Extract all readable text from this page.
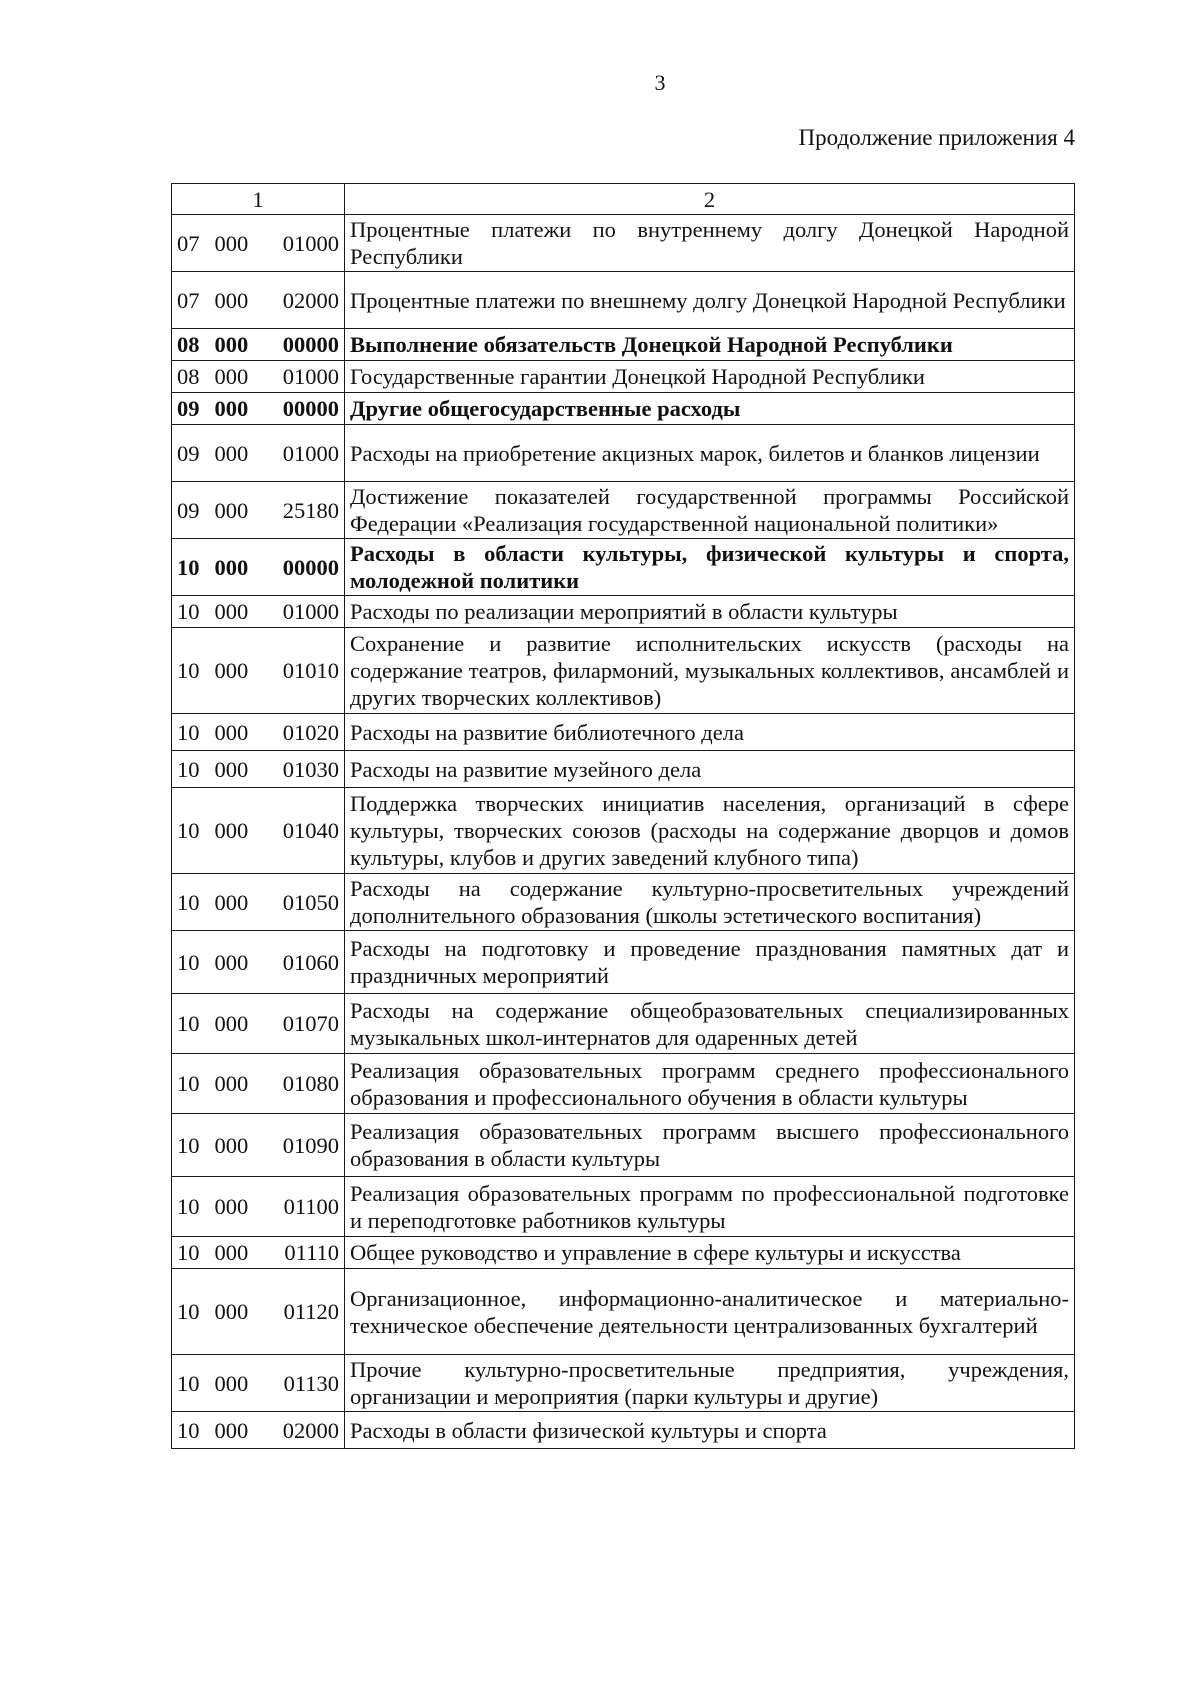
3
Продолжение приложения 4
1	2

07 000 01000	Процентные платежи по внутреннему долгу Донецкой Народной Республики

07 000 02000	Процентные платежи по внешнему долгу Донецкой Народной Республики

08 000 00000	Выполнение обязательств Донецкой Народной Республики

08 000 01000	Государственные гарантии Донецкой Народной Республики

09 000 00000	Другие общегосударственные расходы

09 000 01000	Расходы на приобретение акцизных марок, билетов и бланков лицензии

09 000 25180	Достижение показателей государственной программы Российской Федерации «Реализация государственной национальной политики»

10 000 00000	Расходы в области культуры, физической культуры и спорта, молодежной политики

10 000 01000	Расходы по реализации мероприятий в области культуры

10 000 01010	Сохранение и развитие исполнительских искусств (расходы на содержание театров, филармоний, музыкальных коллективов, ансамблей и других творческих коллективов)

10 000 01020	Расходы на развитие библиотечного дела

10 000 01030	Расходы на развитие музейного дела

10 000 01040	Поддержка творческих инициатив населения, организаций в сфере культуры, творческих союзов (расходы на содержание дворцов и домов культуры, клубов и других заведений клубного типа)

10 000 01050	Расходы на содержание культурно-просветительных учреждений дополнительного образования (школы эстетического воспитания)

10 000 01060	Расходы на подготовку и проведение празднования памятных дат и праздничных мероприятий

10 000 01070	Расходы на содержание общеобразовательных специализированных музыкальных школ-интернатов для одаренных детей

10 000 01080	Реализация образовательных программ среднего профессионального образования и профессионального обучения в области культуры

10 000 01090	Реализация образовательных программ высшего профессионального образования в области культуры

10 000 01100	Реализация образовательных программ по профессиональной подготовке и переподготовке работников культуры

10 000 01110	Общее руководство и управление в сфере культуры и искусства

10 000 01120	Организационное, информационно-аналитическое и материально-техническое обеспечение деятельности централизованных бухгалтерий

10 000 01130	Прочие культурно-просветительные предприятия, учреждения, организации и мероприятия (парки культуры и другие)

10 000 02000	Расходы в области физической культуры и спорта
